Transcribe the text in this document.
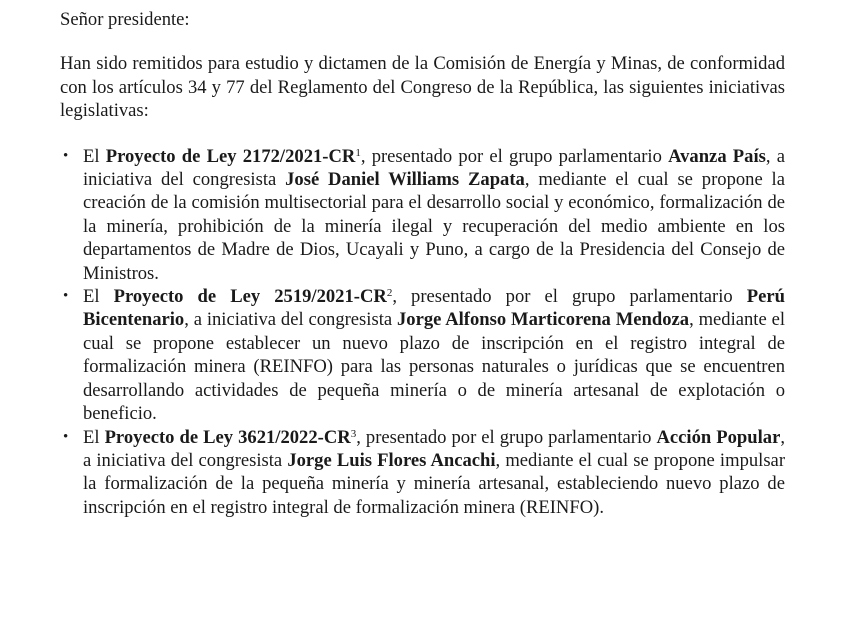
Señor presidente:

Han sido remitidos para estudio y dictamen de la Comisión de Energía y Minas, de conformidad con los artículos 34 y 77 del Reglamento del Congreso de la República, las siguientes iniciativas legislativas:

• El Proyecto de Ley $2172/2021-CR^1$, presentado por el grupo parlamentario Avanza País, a iniciativa del congresista José Daniel Williams Zapata, mediante el cual se propone la creación de la comisión multisectorial para el desarrollo social y económico, formalización de la minería, prohibición de la minería ilegal y recuperación del medio ambiente en los departamentos de Madre de Dios, Ucayali y Puno, a cargo de la Presidencia del Consejo de Ministros.
• El Proyecto de Ley $2519/2021-CR^2$, presentado por el grupo parlamentario Perú Bicentenario, a iniciativa del congresista Jorge Alfonso Marticorena Mendoza, mediante el cual se propone establecer un nuevo plazo de inscripción en el registro integral de formalización minera (REINFO) para las personas naturales o jurídicas que se encuentren desarrollando actividades de pequeña minería o de minería artesanal de explotación o beneficio.
• El Proyecto de Ley $3621/2022-CR^3$, presentado por el grupo parlamentario Acción Popular, a iniciativa del congresista Jorge Luis Flores Ancachi, mediante el cual se propone impulsar la formalización de la pequeña minería y minería artesanal, estableciendo nuevo plazo de inscripción en el registro integral de formalización minera (REINFO).
